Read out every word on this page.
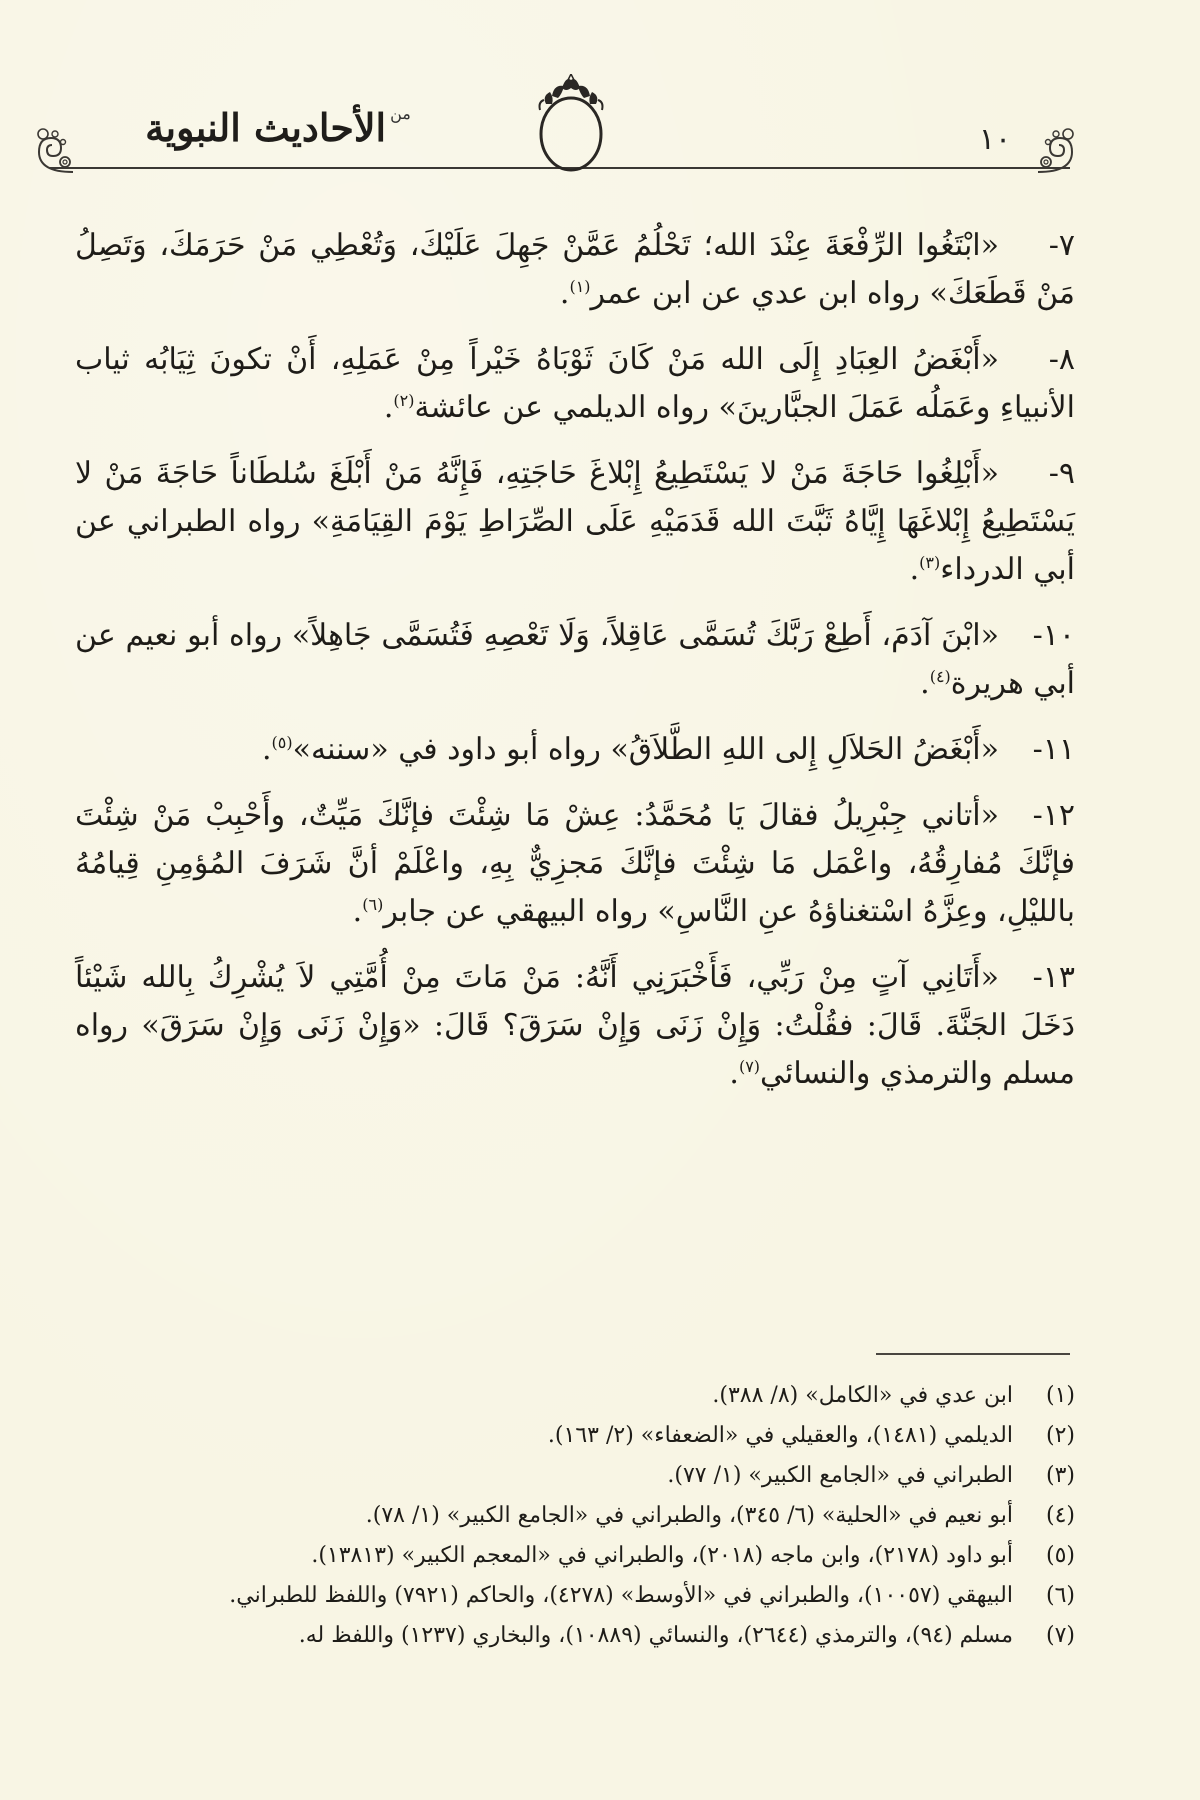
١٠
من
الأحاديث النبوية

٧-«ابْتَغُوا الرِّفْعَةَ عِنْدَ الله؛ تَحْلُمُ عَمَّنْ جَهِلَ عَلَيْكَ، وَتُعْطِي مَنْ حَرَمَكَ، وَتَصِلُ مَنْ قَطَعَكَ» رواه ابن عدي عن ابن عمر$^{(١)}$.

٨-«أَبْغَضُ العِبَادِ إِلَى الله مَنْ كَانَ ثَوْبَاهُ خَيْراً مِنْ عَمَلِهِ، أَنْ تكونَ ثِيَابُه ثياب الأنبياءِ وعَمَلُه عَمَلَ الجبَّارينَ» رواه الديلمي عن عائشة$^{(٢)}$.

٩-«أَبْلِغُوا حَاجَةَ مَنْ لا يَسْتَطِيعُ إِبْلاغَ حَاجَتِهِ، فَإِنَّهُ مَنْ أَبْلَغَ سُلطَاناً حَاجَةَ مَنْ لا يَسْتَطِيعُ إِبْلاغَهَا إِيَّاهُ ثَبَّتَ الله قَدَمَيْهِ عَلَى الصِّرَاطِ يَوْمَ القِيَامَةِ» رواه الطبراني عن أبي الدرداء$^{(٣)}$.

١٠-«ابْنَ آدَمَ، أَطِعْ رَبَّكَ تُسَمَّى عَاقِلاً، وَلَا تَعْصِهِ فَتُسَمَّى جَاهِلاً» رواه أبو نعيم عن أبي هريرة$^{(٤)}$.

١١-«أَبْغَضُ الحَلاَلِ إِلى اللهِ الطَّلاَقُ» رواه أبو داود في «سننه»$^{(٥)}$.

١٢-«أتاني جِبْرِيلُ فقالَ يَا مُحَمَّدُ: عِشْ مَا شِئْتَ فإنَّكَ مَيِّتٌ، وأَحْبِبْ مَنْ شِئْتَ فإنَّكَ مُفارِقُهُ، واعْمَل مَا شِئْتَ فإنَّكَ مَجزِيٌّ بِهِ، واعْلَمْ أنَّ شَرَفَ المُؤمِنِ قِيامُهُ بالليْلِ، وعِزَّهُ اسْتغناؤهُ عنِ النَّاسِ» رواه البيهقي عن جابر$^{(٦)}$.

١٣-«أَتَانِي آتٍ مِنْ رَبِّي، فَأَخْبَرَنِي أَنَّهُ: مَنْ مَاتَ مِنْ أُمَّتِي لاَ يُشْرِكُ بِالله شَيْئاً دَخَلَ الجَنَّةَ. قَالَ: فقُلْتُ: وَإِنْ زَنَى وَإِنْ سَرَقَ؟ قَالَ: «وَإِنْ زَنَى وَإِنْ سَرَقَ» رواه مسلم والترمذي والنسائي$^{(٧)}$.

(١)
ابن عدي في «الكامل» (٨/ ٣٨٨).
(٢)
الديلمي (١٤٨١)، والعقيلي في «الضعفاء» (٢/ ١٦٣).
(٣)
الطبراني في «الجامع الكبير» (١/ ٧٧).
(٤)
أبو نعيم في «الحلية» (٦/ ٣٤٥)، والطبراني في «الجامع الكبير» (١/ ٧٨).
(٥)
أبو داود (٢١٧٨)، وابن ماجه (٢٠١٨)، والطبراني في «المعجم الكبير» (١٣٨١٣).
(٦)
البيهقي (١٠٠٥٧)، والطبراني في «الأوسط» (٤٢٧٨)، والحاكم (٧٩٢١) واللفظ للطبراني.
(٧)
مسلم (٩٤)، والترمذي (٢٦٤٤)، والنسائي (١٠٨٨٩)، والبخاري (١٢٣٧) واللفظ له.
